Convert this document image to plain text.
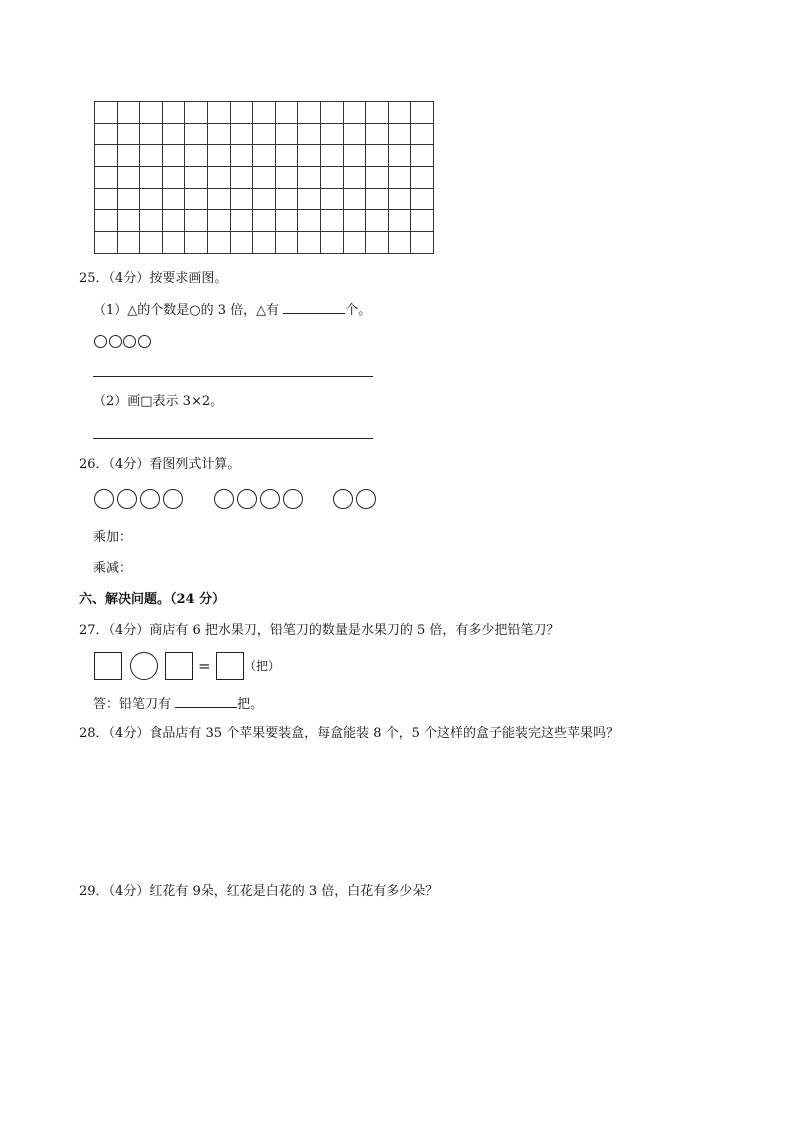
25．（4分）按要求画图。
（1）△的个数是○的 3 倍，△有	个。
（2）画□表示 3×2。
26．（4分）看图列式计算。
乘加：
乘减：
六、解决问题。（24 分）
27．（4分）商店有 6 把水果刀，铅笔刀的数量是水果刀的 5 倍，有多少把铅笔刀？
=	（把）
答：铅笔刀有	把。
28．（4分）食品店有 35 个苹果要装盒，每盒能装 8 个，5 个这样的盒子能装完这些苹果吗？
29．（4分）红花有 9朵，红花是白花的 3 倍，白花有多少朵？
